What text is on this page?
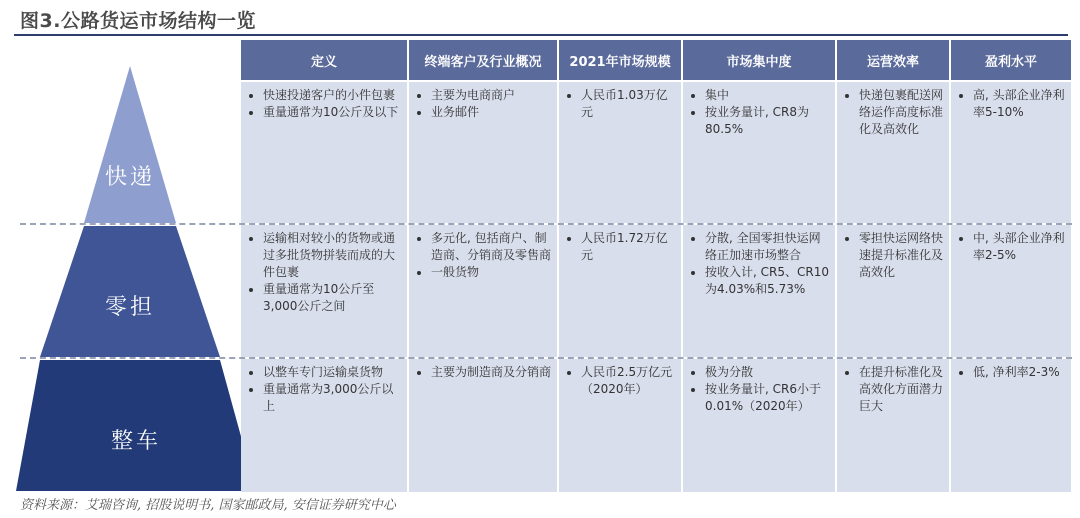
图3.公路货运市场结构一览
快递
零担
整车
定义	终端客户及行业概况	2021年市场规模	市场集中度	运营效率	盈利水平
• 快速投递客户的小件包裹
• 重量通常为10公斤及以下
• 主要为电商商户
• 业务邮件
• 人民币1.03万亿元
• 集中
• 按业务量计, CR8为80.5%
• 快递包裹配送网络运作高度标准化及高效化
• 高, 头部企业净利率5-10%
• 运输相对较小的货物或通过多批货物拼装而成的大件包裹
• 重量通常为10公斤至3,000公斤之间
• 多元化, 包括商户、制造商、分销商及零售商
• 一般货物
• 人民币1.72万亿元
• 分散, 全国零担快运网络正加速市场整合
• 按收入计, CR5、CR10为4.03%和5.73%
• 零担快运网络快速提升标准化及高效化
• 中, 头部企业净利率2-5%
• 以整车专门运输桌货物
• 重量通常为3,000公斤以上
• 主要为制造商及分销商
• 人民币2.5万亿元（2020年）
• 极为分散
• 按业务量计, CR6小于0.01%（2020年）
• 在提升标准化及高效化方面潜力巨大
• 低, 净利率2-3%
资料来源：艾瑞咨询, 招股说明书, 国家邮政局, 安信证券研究中心
